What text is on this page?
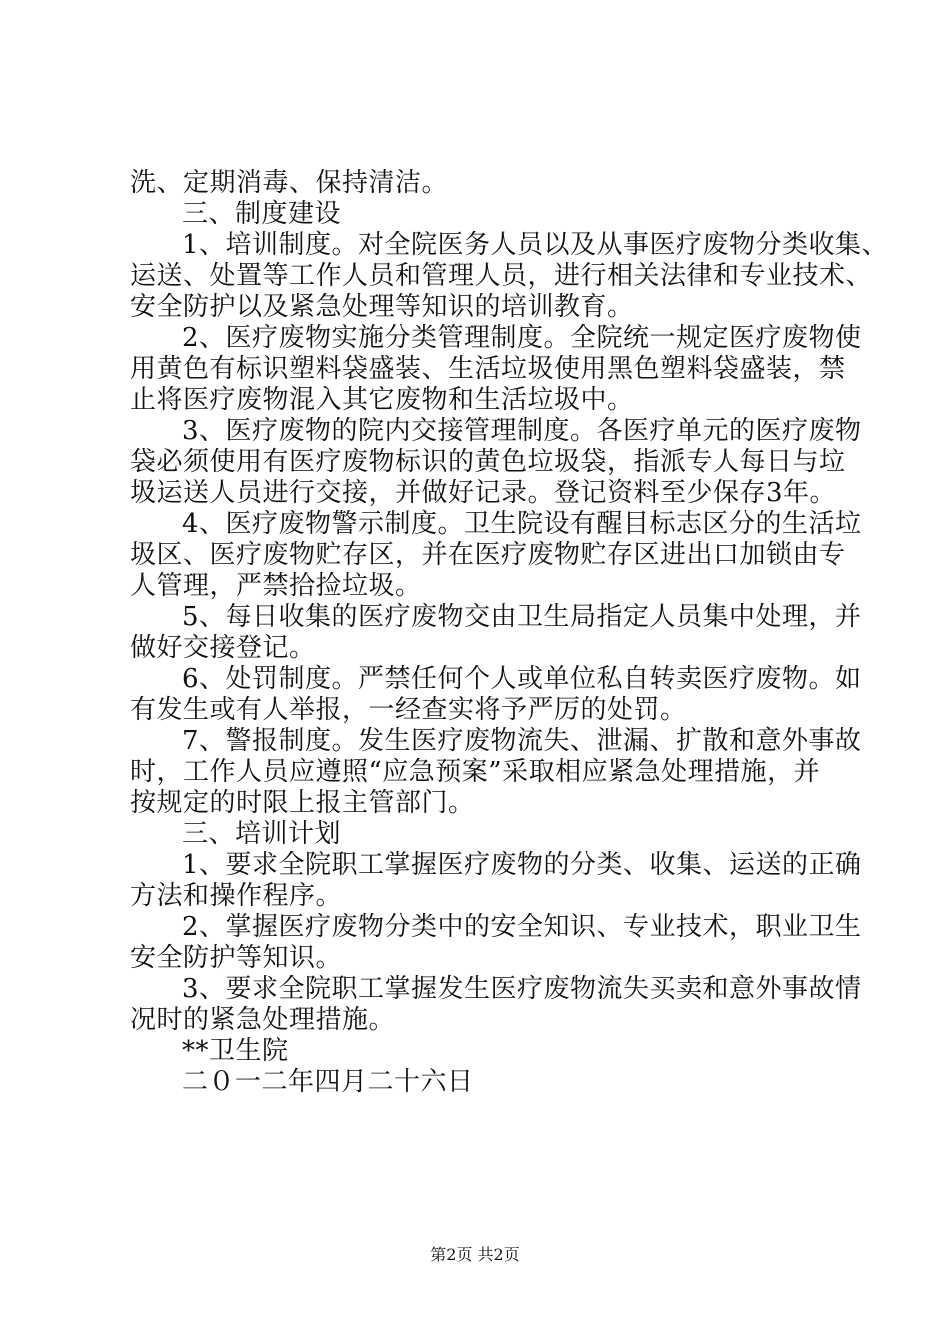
洗、定期消毒、保持清洁。
三、制度建设
1、培训制度。对全院医务人员以及从事医疗废物分类收集、
运送、处置等工作人员和管理人员，进行相关法律和专业技术、
安全防护以及紧急处理等知识的培训教育。
2、医疗废物实施分类管理制度。全院统一规定医疗废物使
用黄色有标识塑料袋盛装、生活垃圾使用黑色塑料袋盛装，禁
止将医疗废物混入其它废物和生活垃圾中。
3、医疗废物的院内交接管理制度。各医疗单元的医疗废物
袋必须使用有医疗废物标识的黄色垃圾袋，指派专人每日与垃
圾运送人员进行交接，并做好记录。登记资料至少保存3年。
4、医疗废物警示制度。卫生院设有醒目标志区分的生活垃
圾区、医疗废物贮存区，并在医疗废物贮存区进出口加锁由专
人管理，严禁拾捡垃圾。
5、每日收集的医疗废物交由卫生局指定人员集中处理，并
做好交接登记。
6、处罚制度。严禁任何个人或单位私自转卖医疗废物。如
有发生或有人举报，一经查实将予严厉的处罚。
7、警报制度。发生医疗废物流失、泄漏、扩散和意外事故
时，工作人员应遵照“应急预案”采取相应紧急处理措施，并
按规定的时限上报主管部门。
三、培训计划
1、要求全院职工掌握医疗废物的分类、收集、运送的正确
方法和操作程序。
2、掌握医疗废物分类中的安全知识、专业技术，职业卫生
安全防护等知识。
3、要求全院职工掌握发生医疗废物流失买卖和意外事故情
况时的紧急处理措施。
**卫生院
二０一二年四月二十六日
第2页 共2页
